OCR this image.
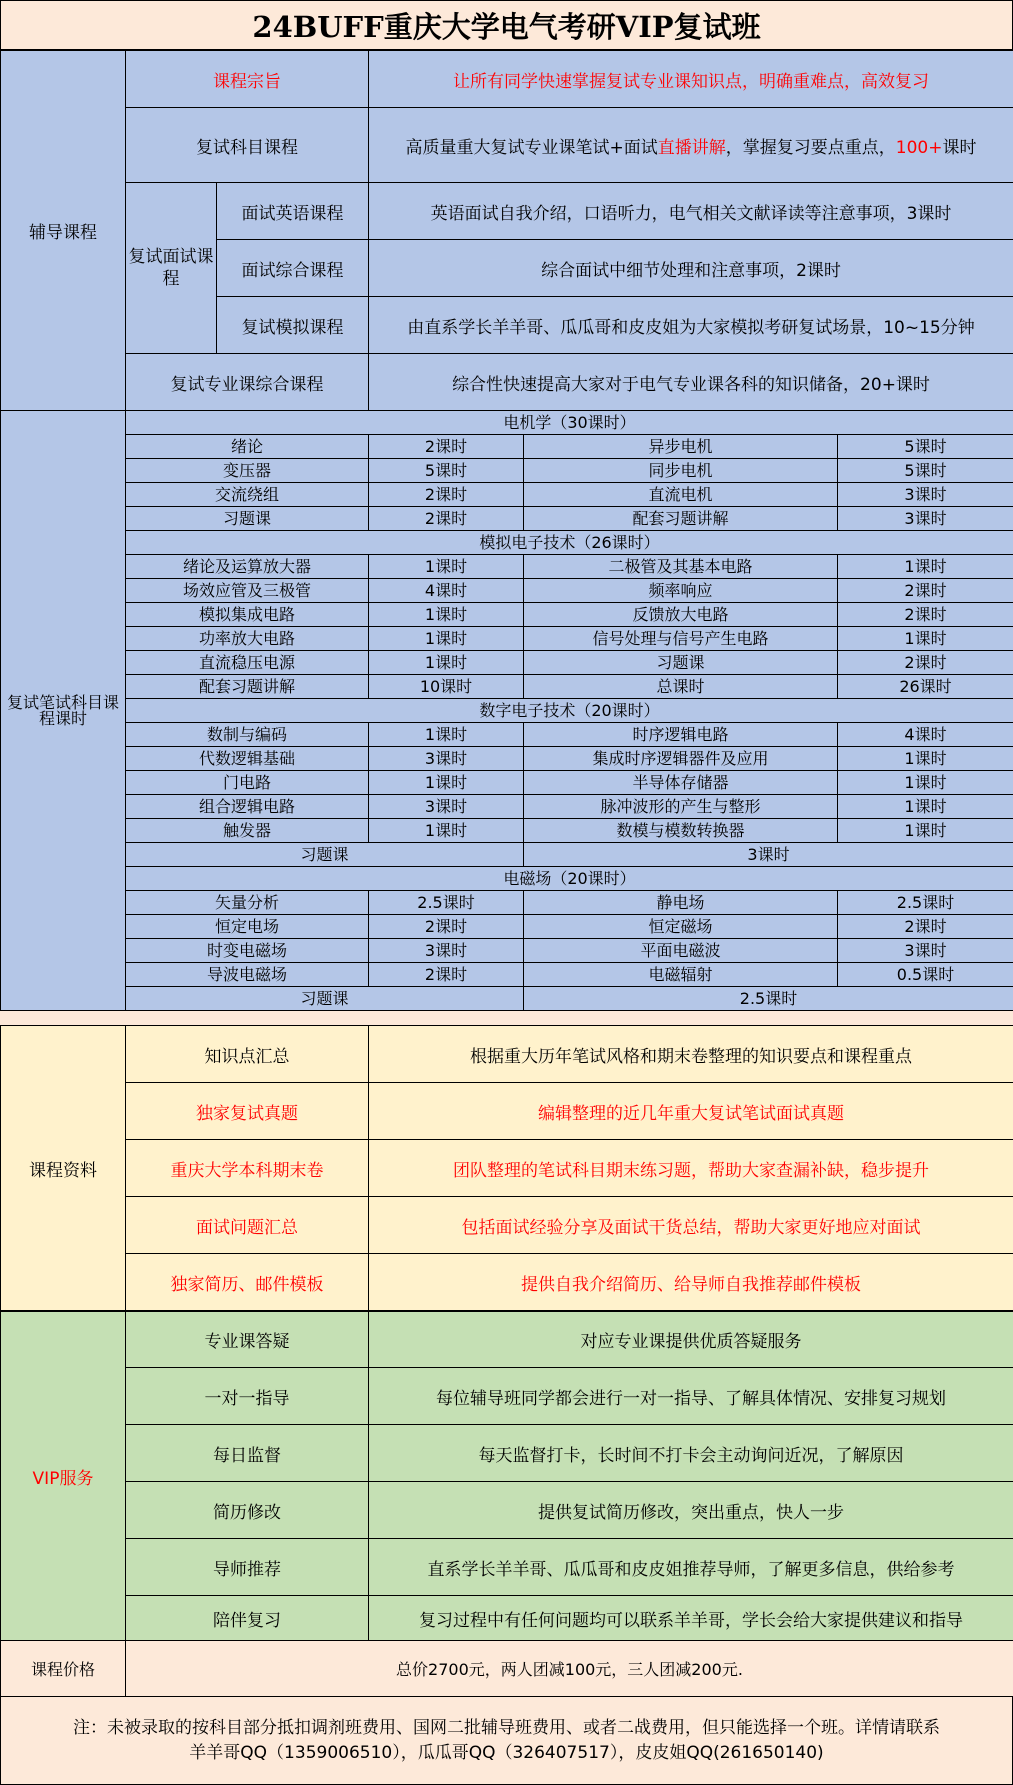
24BUFF重庆大学电气考研VIP复试班
辅导课程	课程宗旨		让所有同学快速掌握复试专业课知识点，明确重难点，高效复习
	复试科目课程		高质量重大复试专业课笔试+面试直播讲解，掌握复习要点重点，100+课时
	复试面试课程	面试英语课程	英语面试自我介绍，口语听力，电气相关文献译读等注意事项，3课时
		面试综合课程	综合面试中细节处理和注意事项，2课时
		复试模拟课程	由直系学长羊羊哥、瓜瓜哥和皮皮姐为大家模拟考研复试场景，10~15分钟
	复试专业课综合课程		综合性快速提高大家对于电气专业课各科的知识储备，20+课时
复试笔试科目课程课时	电机学（30课时）			
	绪论	2课时	异步电机	5课时
	变压器	5课时	同步电机	5课时
	交流绕组	2课时	直流电机	3课时
	习题课	2课时	配套习题讲解	3课时
	模拟电子技术（26课时）			
	绪论及运算放大器	1课时	二极管及其基本电路	1课时
	场效应管及三极管	4课时	频率响应	2课时
	模拟集成电路	1课时	反馈放大电路	2课时
	功率放大电路	1课时	信号处理与信号产生电路	1课时
	直流稳压电源	1课时	习题课	2课时
	配套习题讲解	10课时	总课时	26课时
	数字电子技术（20课时）			
	数制与编码	1课时	时序逻辑电路	4课时
	代数逻辑基础	3课时	集成时序逻辑器件及应用	1课时
	门电路	1课时	半导体存储器	1课时
	组合逻辑电路	3课时	脉冲波形的产生与整形	1课时
	触发器	1课时	数模与模数转换器	1课时
	习题课		3课时	
	电磁场（20课时）			
	矢量分析	2.5课时	静电场	2.5课时
	恒定电场	2课时	恒定磁场	2课时
	时变电磁场	3课时	平面电磁波	3课时
	导波电磁场	2课时	电磁辐射	0.5课时
	习题课		2.5课时	
课程资料	知识点汇总	根据重大历年笔试风格和期末卷整理的知识要点和课程重点
	独家复试真题	编辑整理的近几年重大复试笔试面试真题
	重庆大学本科期末卷	团队整理的笔试科目期末练习题，帮助大家查漏补缺，稳步提升
	面试问题汇总	包括面试经验分享及面试干货总结，帮助大家更好地应对面试
	独家简历、邮件模板	提供自我介绍简历、给导师自我推荐邮件模板
VIP服务	专业课答疑	对应专业课提供优质答疑服务
	一对一指导	每位辅导班同学都会进行一对一指导、了解具体情况、安排复习规划
	每日监督	每天监督打卡，长时间不打卡会主动询问近况，了解原因
	简历修改	提供复试简历修改，突出重点，快人一步
	导师推荐	直系学长羊羊哥、瓜瓜哥和皮皮姐推荐导师，了解更多信息，供给参考
	陪伴复习	复习过程中有任何问题均可以联系羊羊哥，学长会给大家提供建议和指导
课程价格	总价2700元，两人团减100元，三人团减200元.
注：未被录取的按科目部分抵扣调剂班费用、国网二批辅导班费用、或者二战费用，但只能选择一个班。详情请联系
羊羊哥QQ（1359006510），瓜瓜哥QQ（326407517），皮皮姐QQ(261650140)
